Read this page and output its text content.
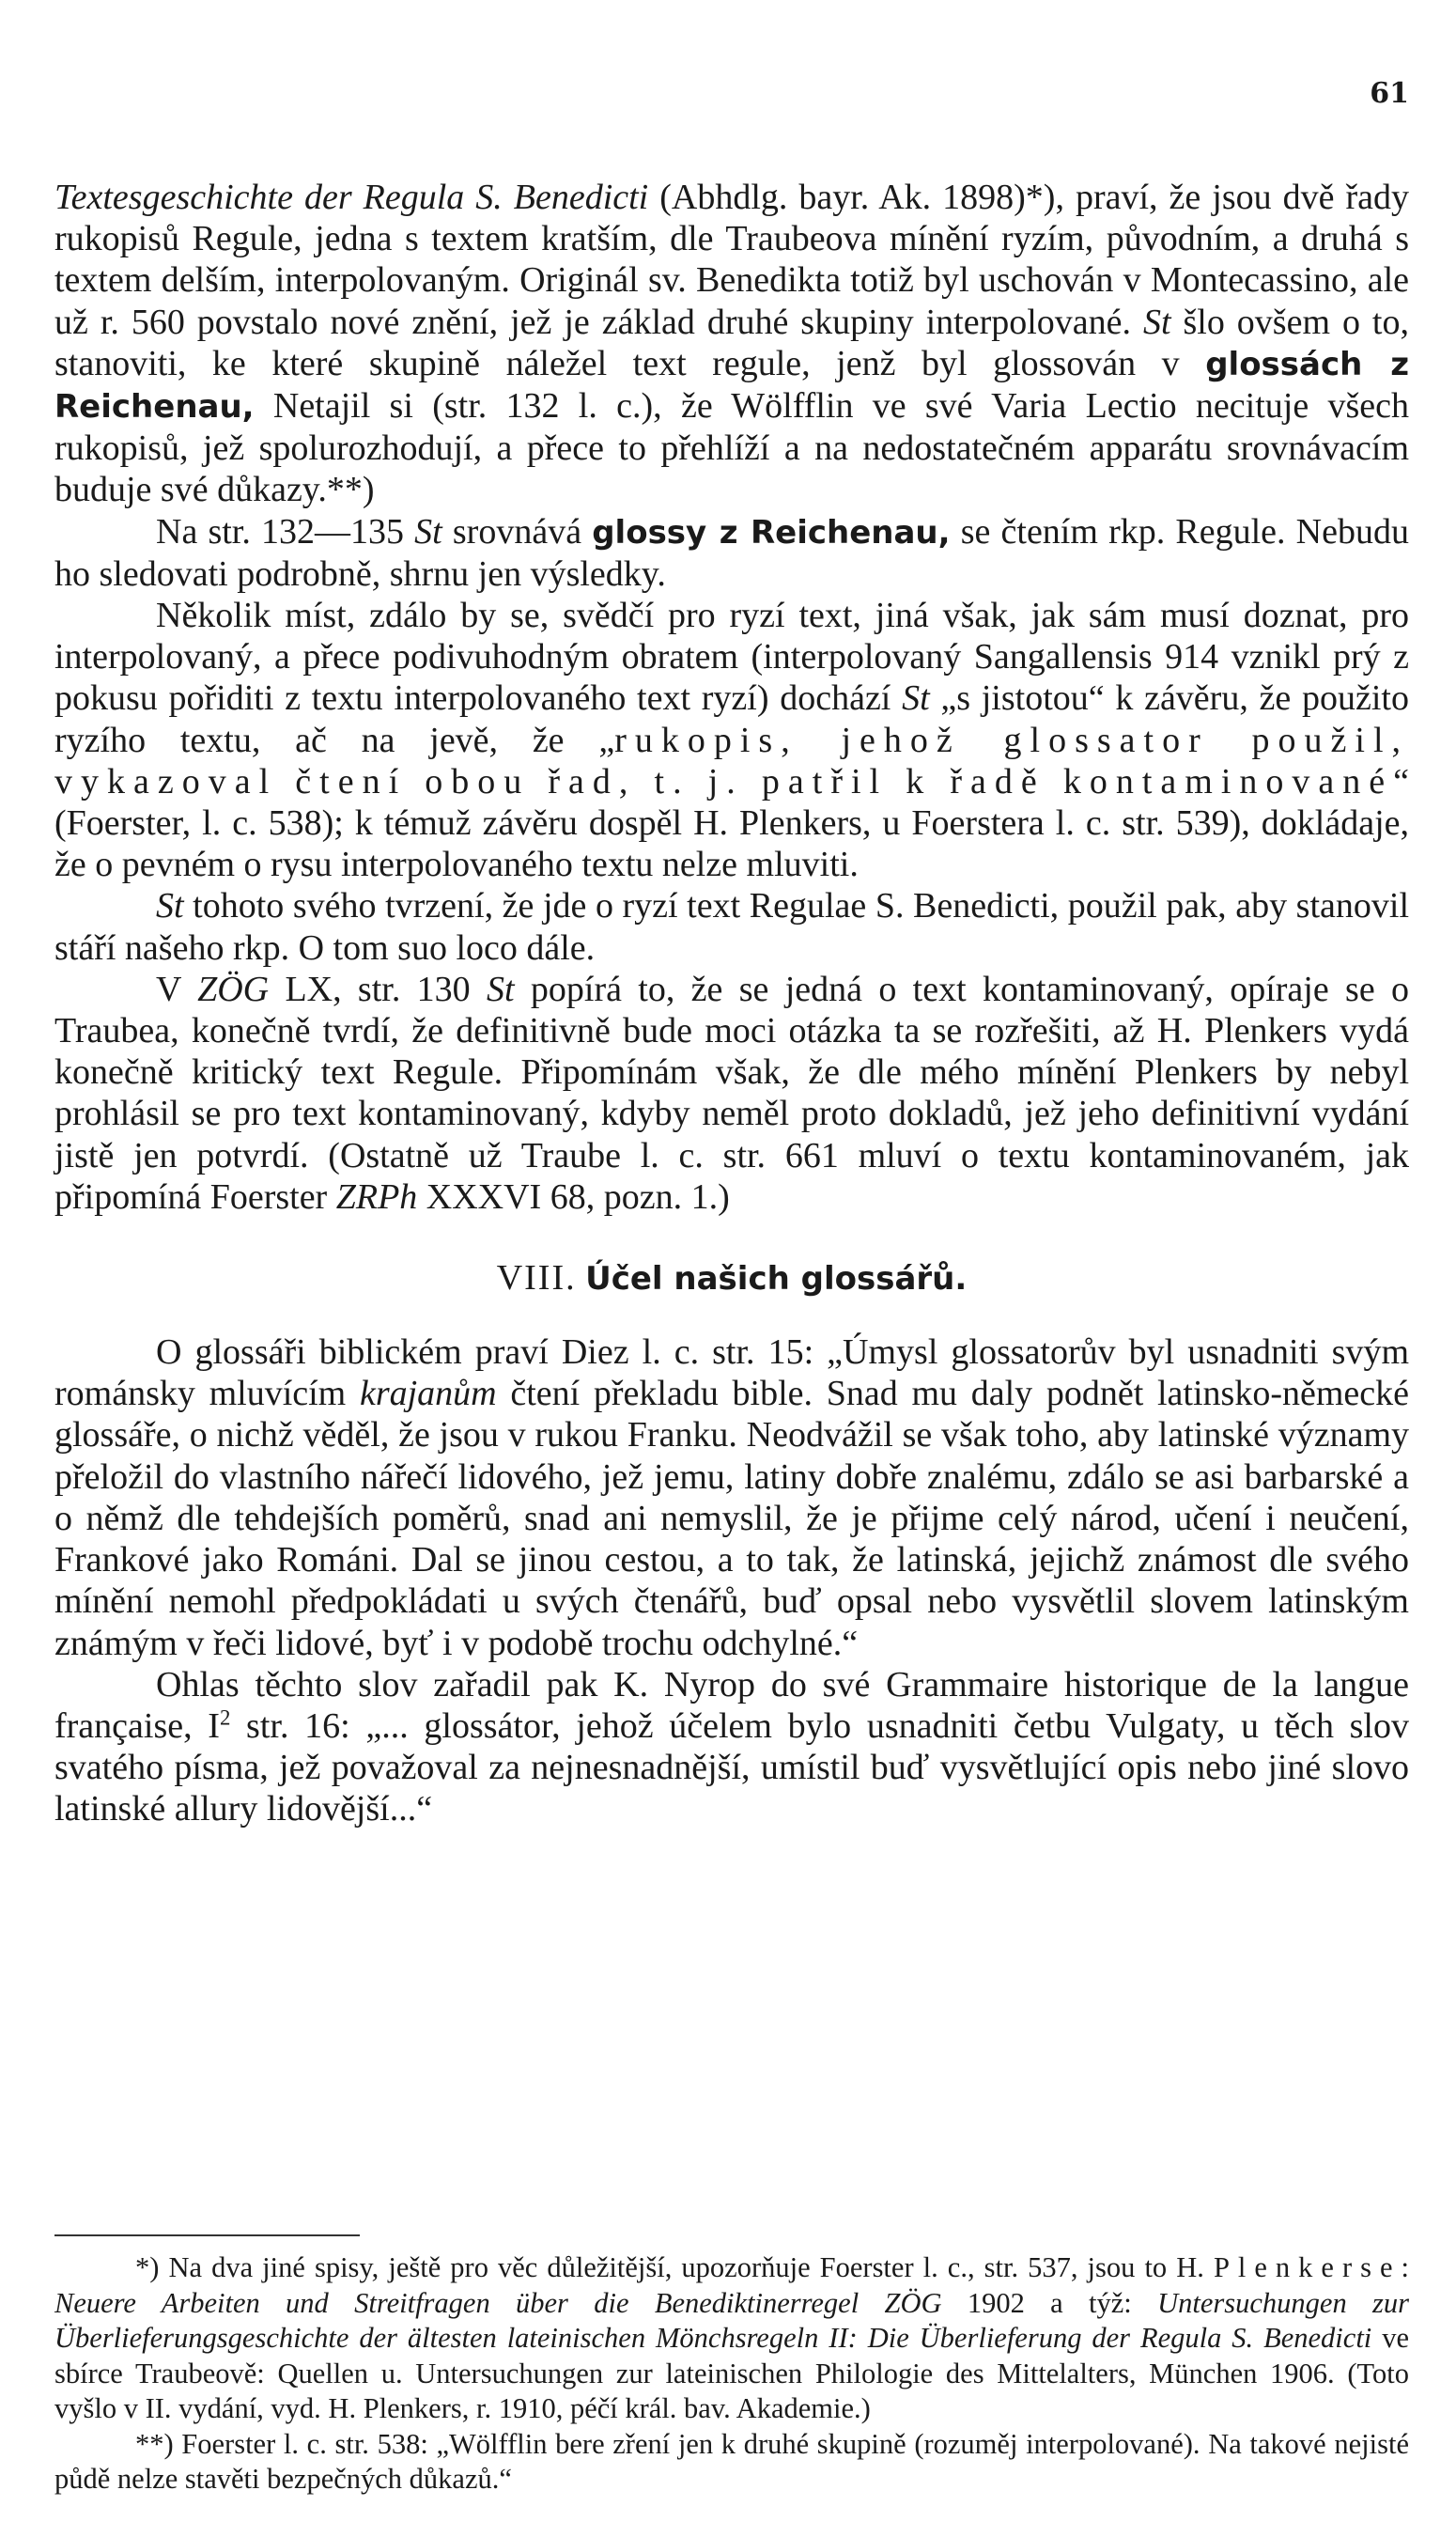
61

Textesgeschichte der Regula S. Benedicti (Abhdlg. bayr. Ak. 1898)*), praví, že jsou dvě řady rukopisů Regule, jedna s textem kratším, dle Traubeova mínění ryzím, původním, a druhá s textem delším, interpolovaným. Originál sv. Benedikta totiž byl uschován v Montecassino, ale už r. 560 povstalo nové znění, jež je základ druhé skupiny interpolované. St šlo ovšem o to, stanoviti, ke které skupině náležel text regule, jenž byl glossován v glossách z Reichenau, Netajil si (str. 132 l. c.), že Wölfflin ve své Varia Lectio necituje všech rukopisů, jež spolurozhodují, a přece to přehlíží a na nedostatečném apparátu srovnávacím buduje své důkazy.**)

Na str. 132—135 St srovnává glossy z Reichenau, se čtením rkp. Regule. Nebudu ho sledovati podrobně, shrnu jen výsledky.

Několik míst, zdálo by se, svědčí pro ryzí text, jiná však, jak sám musí doznat, pro interpolovaný, a přece podivuhodným obratem (interpolovaný Sangallensis 914 vznikl prý z pokusu pořiditi z textu interpolovaného text ryzí) dochází St „s jistotou“ k závěru, že použito ryzího textu, ač na jevě, že „rukopis, jehož glossator použil, vykazoval čtení obou řad, t. j. patřil k řadě kontaminované“ (Foerster, l. c. 538); k témuž závěru dospěl H. Plenkers, u Foerstera l. c. str. 539), dokládaje, že o pevném o rysu interpolovaného textu nelze mluviti.

St tohoto svého tvrzení, že jde o ryzí text Regulae S. Benedicti, použil pak, aby stanovil stáří našeho rkp. O tom suo loco dále.

V ZÖG LX, str. 130 St popírá to, že se jedná o text kontaminovaný, opíraje se o Traubea, konečně tvrdí, že definitivně bude moci otázka ta se rozřešiti, až H. Plenkers vydá konečně kritický text Regule. Připomínám však, že dle mého mínění Plenkers by nebyl prohlásil se pro text kontaminovaný, kdyby neměl proto dokladů, jež jeho definitivní vydání jistě jen potvrdí. (Ostatně už Traube l. c. str. 661 mluví o textu kontaminovaném, jak připomíná Foerster ZRPh XXXVI 68, pozn. 1.)

VIII. Účel našich glossářů.

O glossáři biblickém praví Diez l. c. str. 15: „Úmysl glossatorův byl usnadniti svým románsky mluvícím krajanům čtení překladu bible. Snad mu daly podnět latinsko-německé glossáře, o nichž věděl, že jsou v rukou Franku. Neodvážil se však toho, aby latinské významy přeložil do vlastního nářečí lidového, jež jemu, latiny dobře znalému, zdálo se asi barbarské a o němž dle tehdejších poměrů, snad ani nemyslil, že je přijme celý národ, učení i neučení, Frankové jako Románi. Dal se jinou cestou, a to tak, že latinská, jejichž známost dle svého mínění nemohl předpokládati u svých čtenářů, buď opsal nebo vysvětlil slovem latinským známým v řeči lidové, byť i v podobě trochu odchylné.“

Ohlas těchto slov zařadil pak K. Nyrop do své Grammaire historique de la langue française, $I^2$ str. 16: „... glossátor, jehož účelem bylo usnadniti četbu Vulgaty, u těch slov svatého písma, jež považoval za nejnesnadnější, umístil buď vysvětlující opis nebo jiné slovo latinské allury lidovější...“

*) Na dva jiné spisy, ještě pro věc důležitější, upozorňuje Foerster l. c., str. 537, jsou to H. Plenkerse: Neuere Arbeiten und Streitfragen über die Benediktinerregel ZÖG 1902 a týž: Untersuchungen zur Überlieferungsgeschichte der ältesten lateinischen Mönchsregeln II: Die Überlieferung der Regula S. Benedicti ve sbírce Traubeově: Quellen u. Untersuchungen zur lateinischen Philologie des Mittelalters, München 1906. (Toto vyšlo v II. vydání, vyd. H. Plenkers, r. 1910, péčí král. bav. Akademie.)

**) Foerster l. c. str. 538: „Wölfflin bere zření jen k druhé skupině (rozuměj interpolované). Na takové nejisté půdě nelze stavěti bezpečných důkazů.“
